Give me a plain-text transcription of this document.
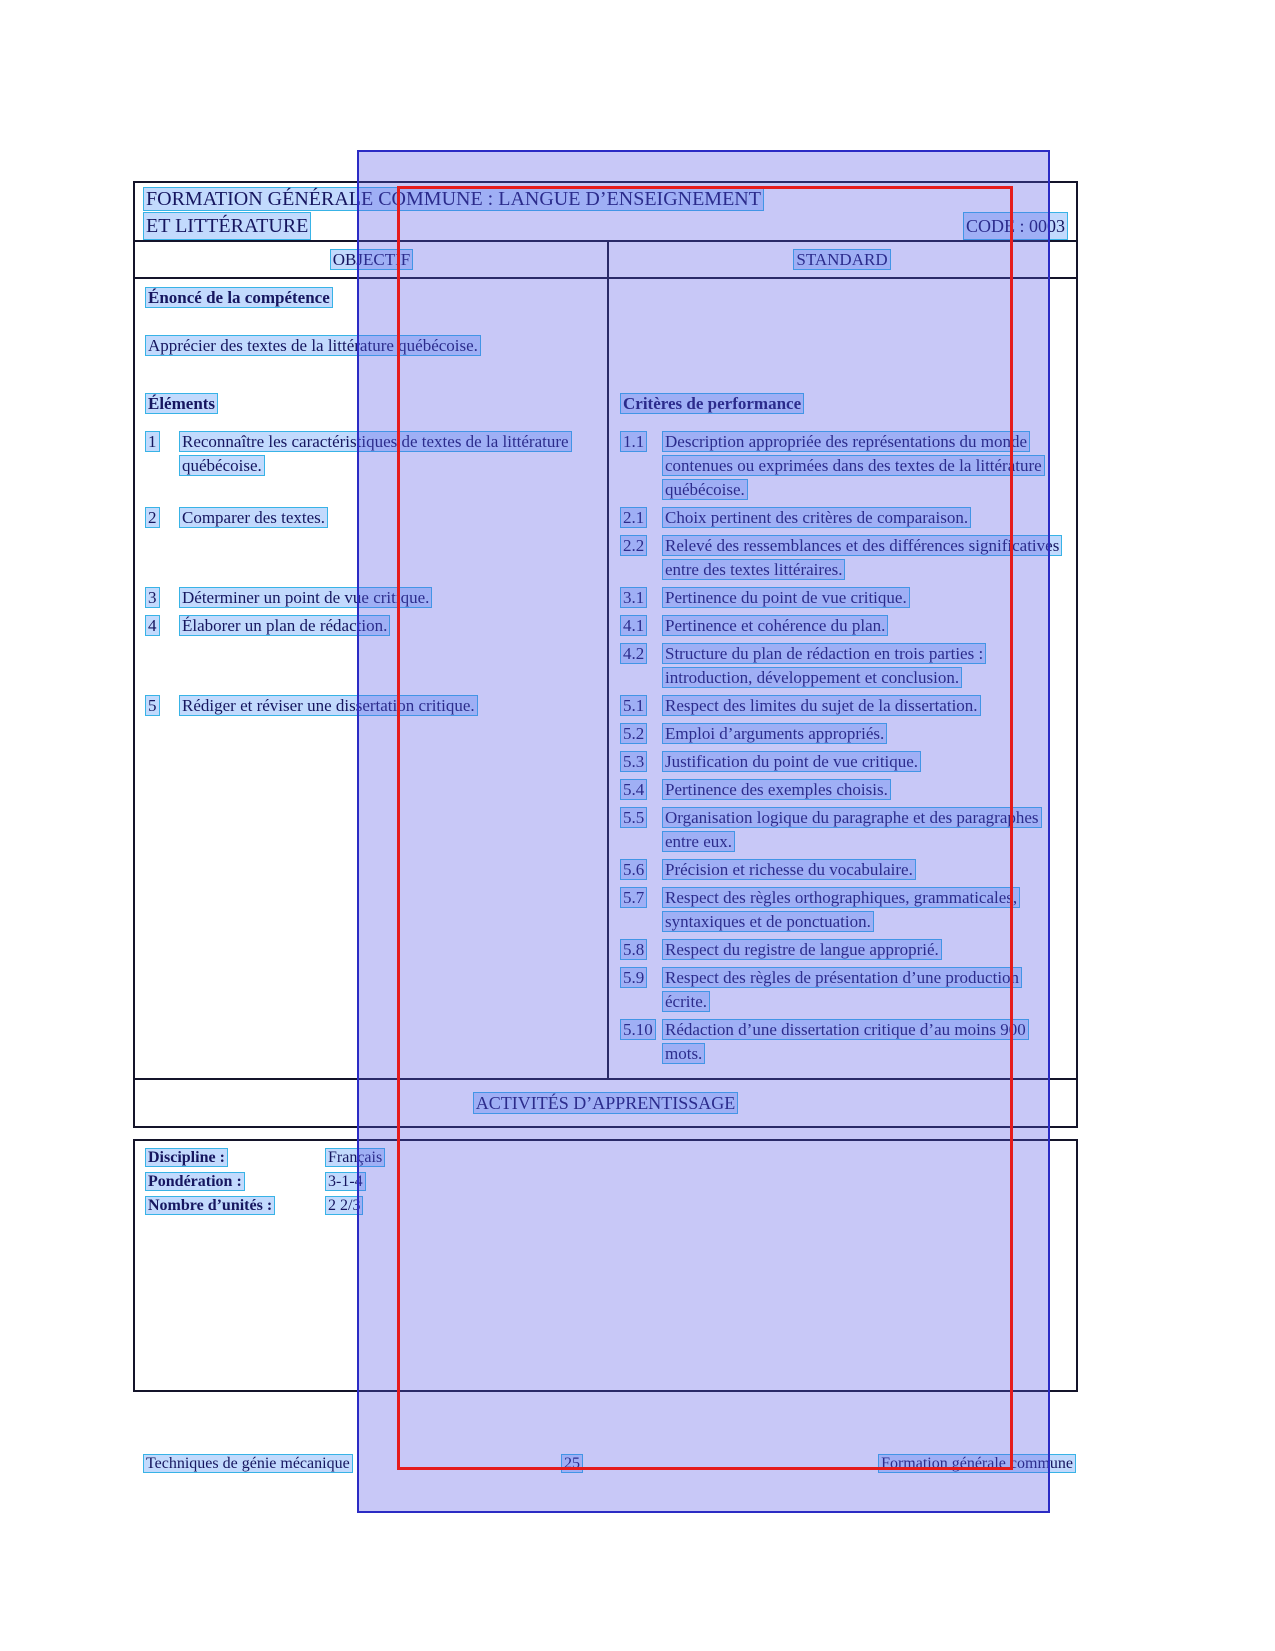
FORMATION GÉNÉRALE COMMUNE : LANGUE D’ENSEIGNEMENT
ET LITTÉRATURE	CODE : 0003
OBJECTIF	STANDARD
Énoncé de la compétence
Apprécier des textes de la littérature québécoise.
Éléments	Critères de performance
1	Reconnaître les caractéristiques de textes de la littérature québécoise.
1.1	Description appropriée des représentations du monde contenues ou exprimées dans des textes de la littérature québécoise.
2	Comparer des textes.	2.1	Choix pertinent des critères de comparaison.
2.2	Relevé des ressemblances et des différences significatives entre des textes littéraires.
3	Déterminer un point de vue critique.	3.1	Pertinence du point de vue critique.
4	Élaborer un plan de rédaction.	4.1	Pertinence et cohérence du plan.
4.2	Structure du plan de rédaction en trois parties : introduction, développement et conclusion.
5	Rédiger et réviser une dissertation critique.	5.1	Respect des limites du sujet de la dissertation.
5.2	Emploi d’arguments appropriés.
5.3	Justification du point de vue critique.
5.4	Pertinence des exemples choisis.
5.5	Organisation logique du paragraphe et des paragraphes entre eux.
5.6	Précision et richesse du vocabulaire.
5.7	Respect des règles orthographiques, grammaticales, syntaxiques et de ponctuation.
5.8	Respect du registre de langue approprié.
5.9	Respect des règles de présentation d’une production écrite.
5.10 Rédaction d’une dissertation critique d’au moins 900 mots.
ACTIVITÉS D’APPRENTISSAGE
Discipline :	Français
Pondération :	3-1-4
Nombre d’unités :	2 2/3
Techniques de génie mécanique	25	Formation générale commune
